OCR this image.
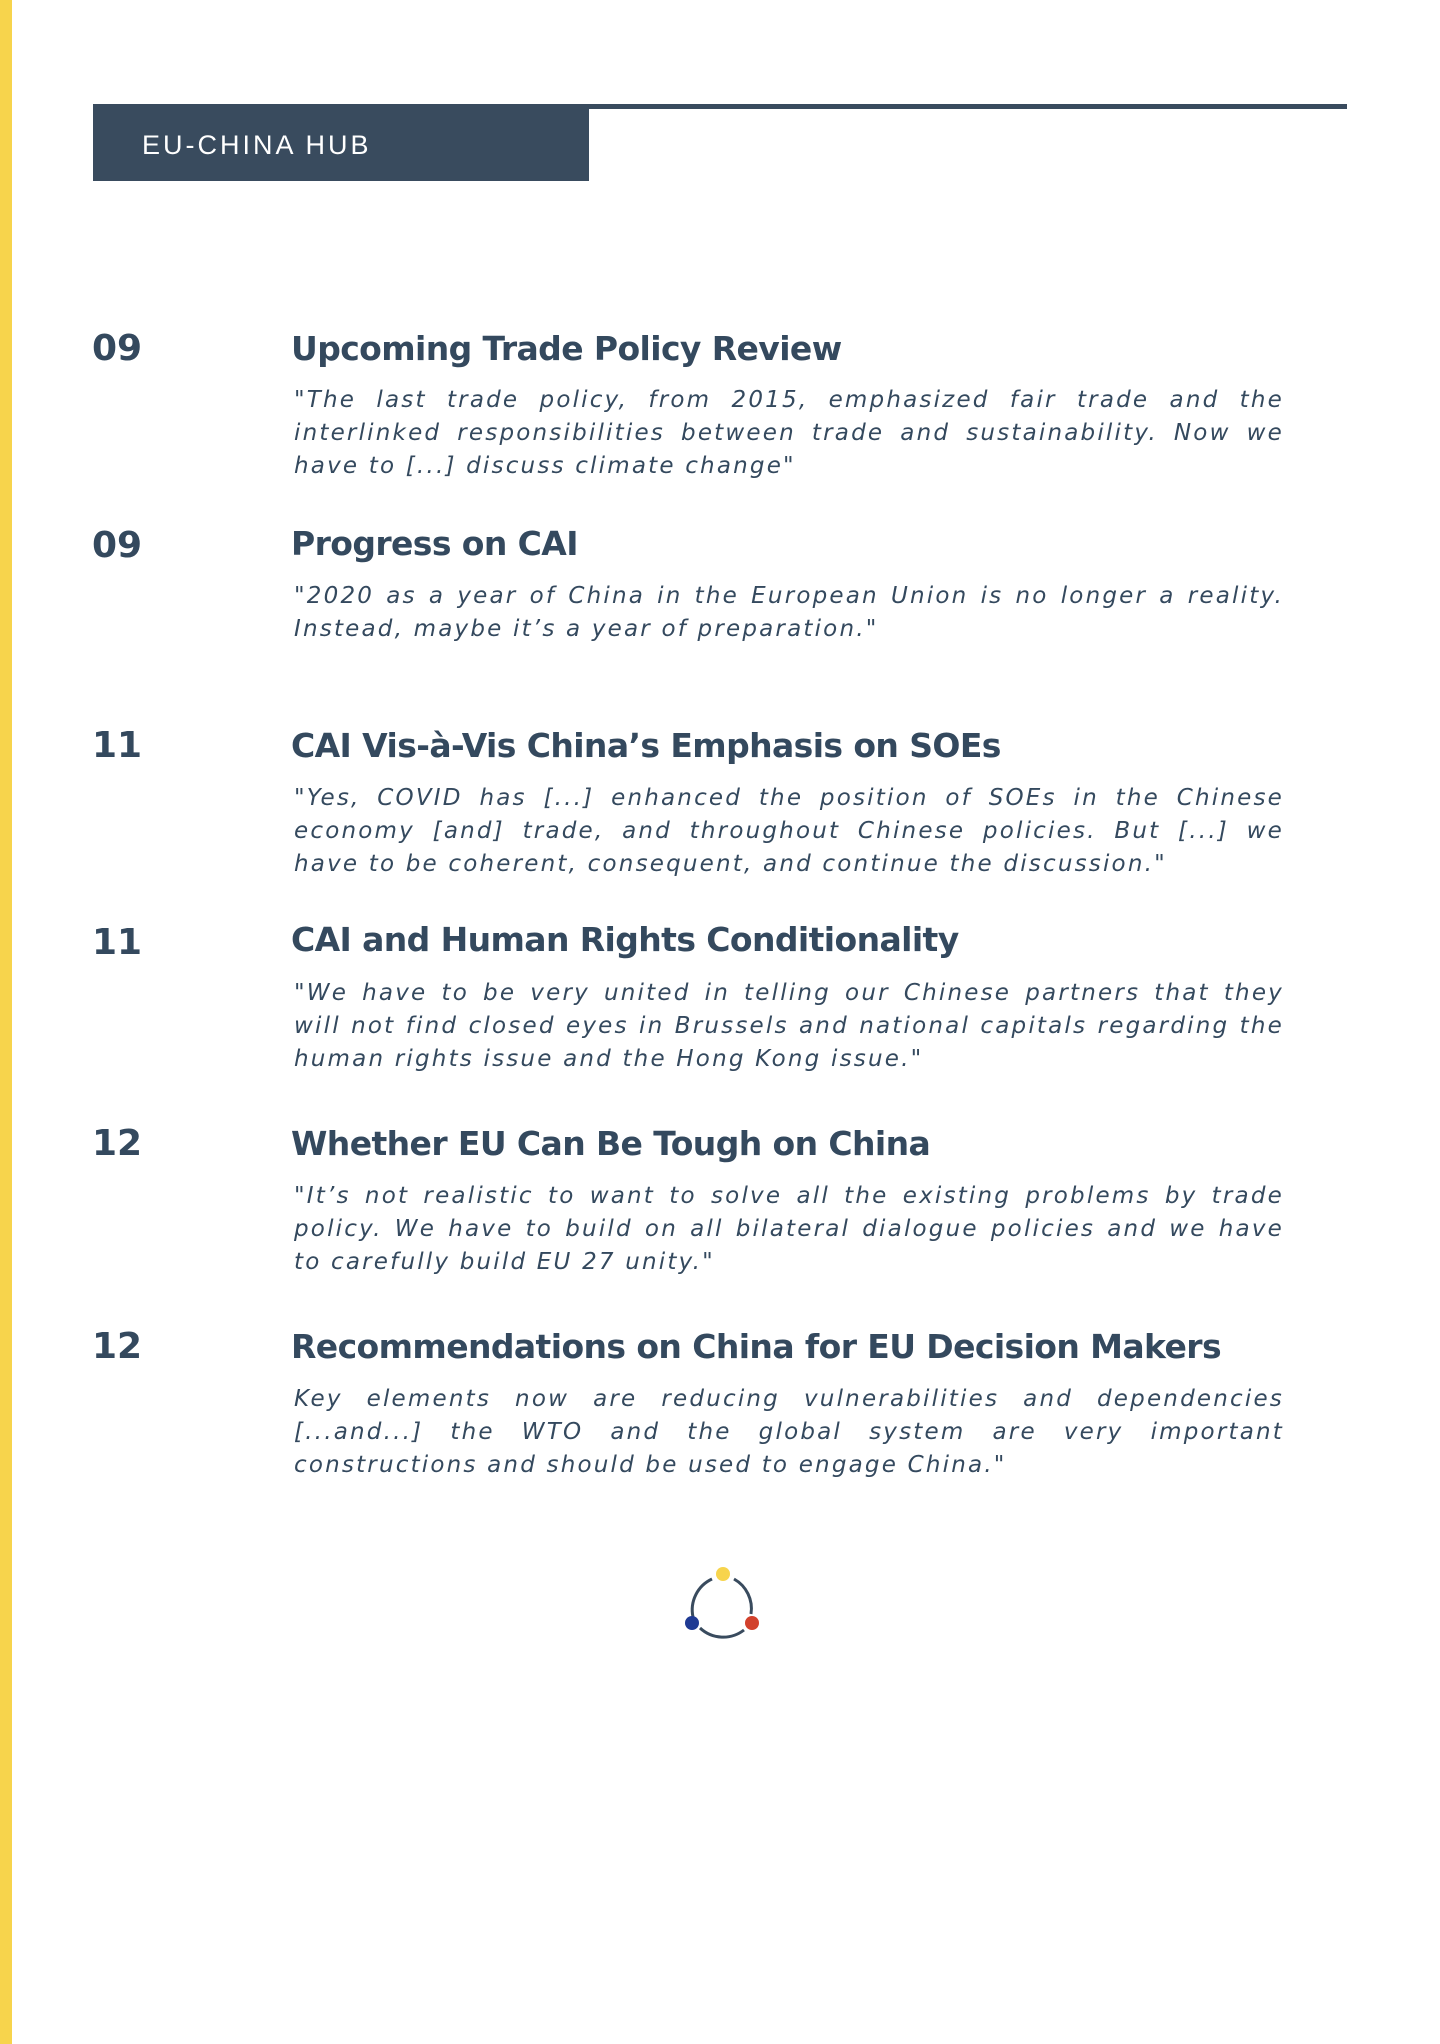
EU-CHINA HUB
09	Upcoming Trade Policy Review
"The last trade policy, from 2015, emphasized fair trade and the interlinked responsibilities between trade and sustainability. Now we have to [...] discuss climate change"
09	Progress on CAI
"2020 as a year of China in the European Union is no longer a reality. Instead, maybe it’s a year of preparation."
11	CAI Vis-à-Vis China’s Emphasis on SOEs
"Yes, COVID has [...] enhanced the position of SOEs in the Chinese economy [and] trade, and throughout Chinese policies. But [...] we have to be coherent, consequent, and continue the discussion."
11	CAI and Human Rights Conditionality
"We have to be very united in telling our Chinese partners that they will not find closed eyes in Brussels and national capitals regarding the human rights issue and the Hong Kong issue."
12	Whether EU Can Be Tough on China
"It’s not realistic to want to solve all the existing problems by trade policy. We have to build on all bilateral dialogue policies and we have to carefully build EU 27 unity."
12	Recommendations on China for EU Decision Makers
Key elements now are reducing vulnerabilities and dependencies [...and...] the WTO and the global system are very important constructions and should be used to engage China."
